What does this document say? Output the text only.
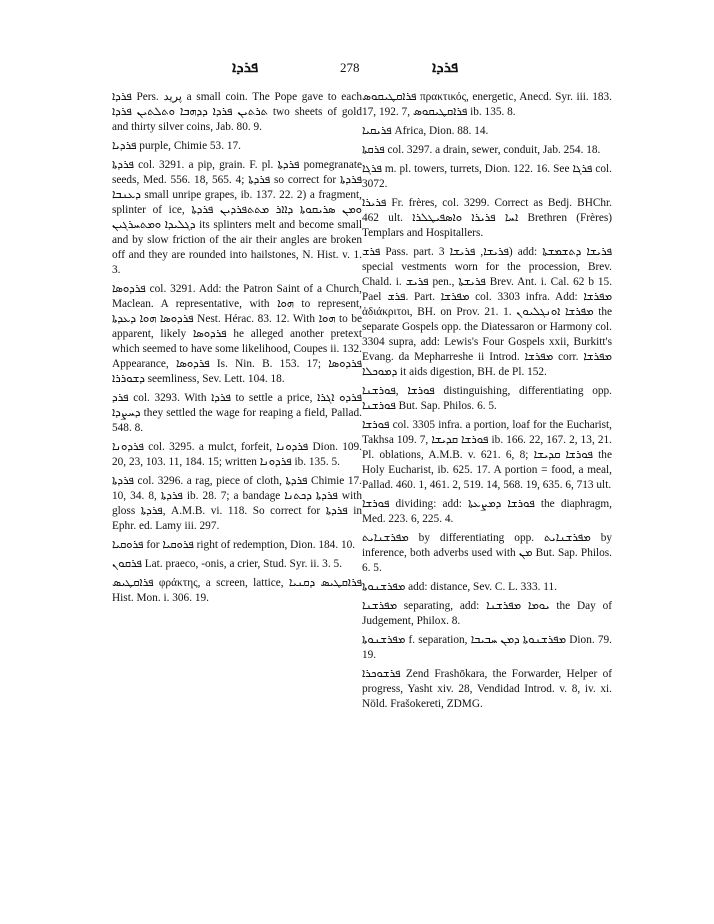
ܦܪܕܐ	278	ܦܪܕܐ

ܦܪܕܐ Pers. پرید a small coin. The Pope gave to each ܬܪܬܝܢ ܦܪܕܐ ܕܕܗܒܐ ܘܬܠܬܝܢ ܦܪܕܐ two sheets of gold and thirty silver coins, Jab. 80. 9.

ܦܪܕܝܐ purple, Chimie 53. 17.

ܦܪܕܬܐ col. 3291. a pip, grain. F. pl. ܦܪܕܬܐ pomegranate seeds, Med. 556. 18, 565. 4; ܦܪܕܬܐ so correct for ܦܪܕܬܐ ܕܥܢܒܐ small unripe grapes, ib. 137. 22. 2) a fragment, splinter of ice, ܘܡܢ ܣܪܝܩܘܬܐ ܕܐܐܪ ܡܬܬܦܪܕܝܢ ܦܪܕܬܐ ܕܓܠܝܕܐ ܘܡܬܚܪܓܝܢ its splinters melt and become small and by slow friction of the air their angles are broken off and they are rounded into hailstones, N. Hist. v. 1. 3.

ܦܪܕܘܣܐ col. 3291. Add: the Patron Saint of a Church, Maclean. A representative, with ܗܘܐ to represent, ܦܪܕܘܣܐ ܗܘܐ ܕܥܕܬܐ Nest. Hérac. 83. 12. With ܗܘܐ to be apparent, likely ܦܪܕܘܣܐ he alleged another pretext which seemed to have some likelihood, Coupes ii. 132. Appearance, ܦܪܕܘܣܐ Is. Nin. B. 153. 17; ܦܪܕܘܣܐ ܕܫܘܪܪܐ seemliness, Sev. Lett. 104. 18.

ܦܪܕ col. 3293. With ܦܪܕܐ to settle a price, ܦܪܕܘ ܐܓܪܐ ܕܚܨܕܐ they settled the wage for reaping a field, Pallad. 548. 8.

ܦܪܕܘܢܐ col. 3295. a mulct, forfeit, ܦܪܕܘܢܐ Dion. 109. 20, 23, 103. 11, 184. 15; written ܦܪܕܘܢܐ ib. 135. 5.

ܦܪܕܬܐ col. 3296. a rag, piece of cloth, ܦܪܕܬܐ Chimie 17. 10, 34. 8, ܦܪܕܬܐ ib. 28. 7; a bandage ܦܪܕܬܐ ܕܟܬܢܐ with gloss ܦܪܕܬܐ, A.M.B. vi. 118. So correct for ܦܪܕܬܐ in Ephr. ed. Lamy iii. 297.

ܦܪܘܩܝܐ for ܦܪܘܩܝܐ right of redemption, Dion. 184. 10.

ܦܪܩܘܢ Lat. praeco, -onis, a crier, Stud. Syr. ii. 3. 5.

ܦܪܐܩܛܝܣ φράκτης, a screen, lattice, ܦܪܐܩܛܝܣ ܕܩܢܝܐ Hist. Mon. i. 306. 19.

ܦܪܐܩܛܝܩܘܣ πρακτικός, energetic, Anecd. Syr. iii. 183. 17, 192. 7, ܦܪܐܩܛܝܩܘܣ ib. 135. 8.

ܦܪܝܩܝܐ Africa, Dion. 88. 14.

ܦܪܩܬܐ col. 3297. a drain, sewer, conduit, Jab. 254. 18.

ܦܪܓܐ m. pl. towers, turrets, Dion. 122. 16. See ܦܪܓܐ col. 3072.

ܦܪܝܪܐ Fr. frères, col. 3299. Correct as Bedj. BHChr. 462 ult. ܐܚܐ ܦܪܝܪܐ ܘܐܣܦܝܛܠܪܐ Brethren (Frères) Templars and Hospitallers.

ܦܪܫ Pass. part. ܦܪܝܫܐ, ܦܪܝܫܐ 3) add: ܦܪܝܫܐ ܕܬܫܡܫܬܐ special vestments worn for the procession, Brev. Chald. i. ܦܪܝܫ pen., ܦܪܝܫܬܐ Brev. Ant. i. Cal. 62 b 15. Pael ܦܪܫ. Part. ܡܦܪܫܐ col. 3303 infra. Add: ܡܦܪܫܐ ἀδιάκριτοι, BH. on Prov. 21. 1. ܡܦܪܫܐ ܐܘܢܓܠܝܘܢ the separate Gospels opp. the Diatessaron or Harmony col. 3304 supra, add: Lewis's Four Gospels xxii, Burkitt's Evang. da Mepharreshe ii Introd. ܡܦܪܫܐ corr. ܡܦܪܫܐ ܕܡܘܟܠܐ it aids digestion, BH. de Pl. 152.

ܦܘܪܫܐ ,ܦܘܪܫܢܐ distinguishing, differentiating opp. ܦܘܪܫܢܐ But. Sap. Philos. 6. 5.

ܦܘܪܫܐ col. 3305 infra. a portion, loaf for the Eucharist, Takhsa 109. 7, ܦܘܪܫܐ ܩܕܝܫܐ ib. 166. 22, 167. 2, 13, 21. Pl. oblations, A.M.B. v. 621. 6, 8; ܦܘܪܫܐ ܩܕܝܫܐ the Holy Eucharist, ib. 625. 17. A portion = food, a meal, Pallad. 460. 1, 461. 2, 519. 14, 568. 19, 635. 6, 713 ult.

ܦܘܪܫܐ dividing: add: ܦܘܪܫܐ ܕܡܨܥܬܐ the diaphragm, Med. 223. 6, 225. 4.

ܡܦܪܫܢܐܝܬ by differentiating opp. ܡܦܪܫܢܐܝܬ by inference, both adverbs used with ܡܢ But. Sap. Philos. 6. 5.

ܡܦܪܫܢܘܬܐ add: distance, Sev. C. L. 333. 11.

ܡܦܪܫܢܐ separating, add: ܝܘܡܐ ܡܦܪܫܢܐ the Day of Judgement, Philox. 8.

ܡܦܪܫܢܘܬܐ f. separation, ܡܦܪܫܢܘܬܐ ܕܡܢ ܚܒܝܒܐ Dion. 79. 19.

ܦܪܫܘܟܪܐ Zend Frashōkara, the Forwarder, Helper of progress, Yasht xiv. 28, Vendidad Introd. v. 8, iv. xi. Nöld. Frašokereti, ZDMG.
